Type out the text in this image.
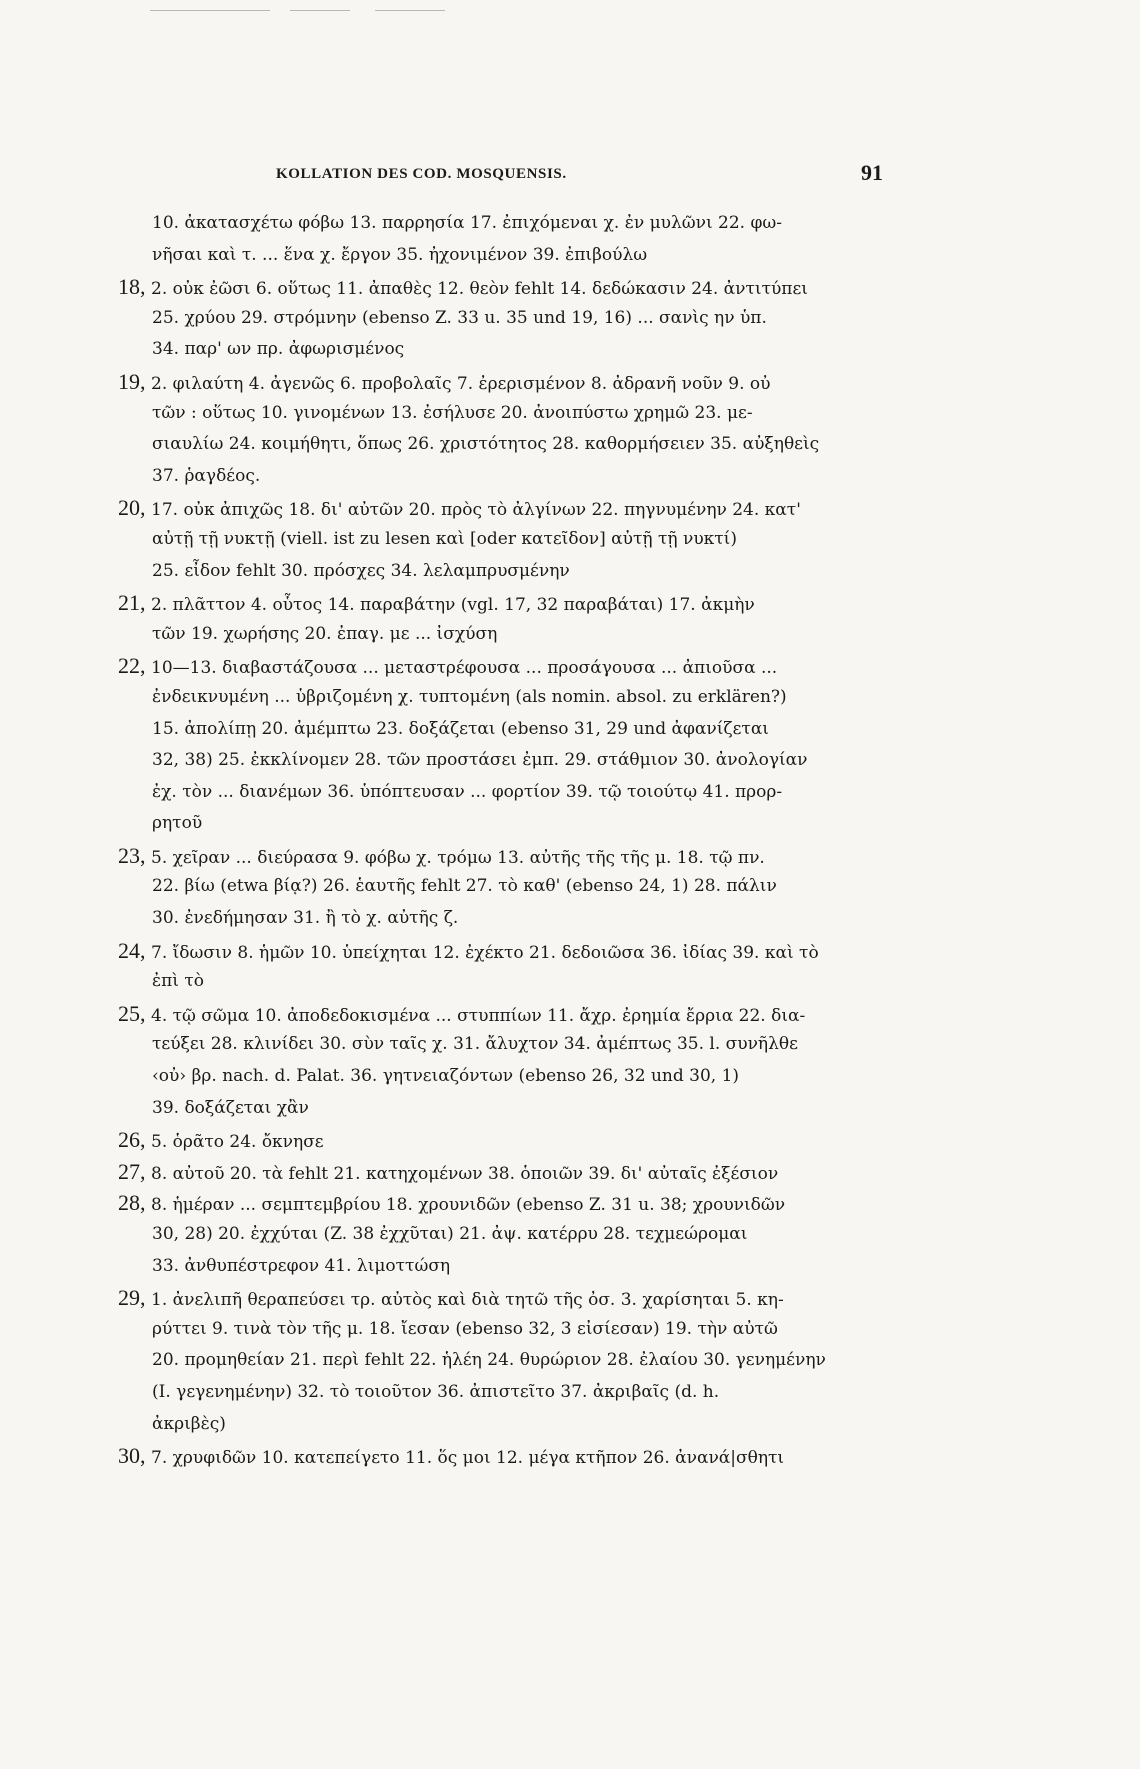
KOLLATION DES COD. MOSQUENSIS.	91
10. ἀκατασχέτω φόβω 13. παρρησία 17. ἐπιχόμεναι χ. ἐν μυλῶνι 22. φω-
νῆσαι καὶ τ. ... ἕνα χ. ἔργον 35. ἠχονιμένον 39. ἐπιβούλω
18, 2. οὐκ ἐῶσι 6. οὕτως 11. ἀπαθὲς 12. θεὸν fehlt 14. δεδώκασιν 24. ἀντιτύπει
25. χρύου 29. στρόμνην (ebenso Z. 33 u. 35 und 19, 16) ... σανὶς ην ὑπ.
34. παρ' ων πρ. ἀφωρισμένος
19, 2. φιλαύτη 4. ἀγενῶς 6. προβολαῖς 7. ἐρερισμένον 8. ἀδρανῆ νοῦν 9. οὐ
τῶν : οὕτως 10. γινομένων 13. ἐσήλυσε 20. ἀνοιπύστω χρημῶ 23. με-
σιαυλίω 24. κοιμήθητι, ὅπως 26. χριστότητος 28. καθορμήσειεν 35. αὐξηθεὶς
37. ῥαγδέος.
20, 17. οὐκ ἀπιχῶς 18. δι' αὐτῶν 20. πρὸς τὸ ἀλγίνων 22. πηγνυμένην 24. κατ'
αὐτῇ τῇ νυκτῇ (viell. ist zu lesen καὶ [oder κατεῖδον] αὐτῇ τῇ νυκτί)
25. εἶδον fehlt 30. πρόσχες 34. λελαμπρυσμένην
21, 2. πλᾶττον 4. οὗτος 14. παραβάτην (vgl. 17, 32 παραβάται) 17. ἀκμὴν
τῶν 19. χωρήσης 20. ἐπαγ. με ... ἰσχύση
22, 10—13. διαβαστάζουσα ... μεταστρέφουσα ... προσάγουσα ... ἀπιοῦσα ...
ἐνδεικνυμένη ... ὑβριζομένη χ. τυπτομένη (als nomin. absol. zu erklären?)
15. ἀπολίπῃ 20. ἀμέμπτω 23. δοξάζεται (ebenso 31, 29 und ἀφανίζεται
32, 38) 25. ἐκκλίνομεν 28. τῶν προστάσει ἐμπ. 29. στάθμιον 30. ἀνολογίαν
ἐχ. τὸν ... διανέμων 36. ὑπόπτευσαν ... φορτίον 39. τῷ τοιούτῳ 41. προρ-
ρητοῦ
23, 5. χεῖραν ... διεύρασα 9. φόβω χ. τρόμω 13. αὐτῆς τῆς τῆς μ. 18. τῷ πν.
22. βίω (etwa βίᾳ?) 26. ἑαυτῆς fehlt 27. τὸ καθ' (ebenso 24, 1) 28. πάλιν
30. ἐνεδήμησαν 31. ἢ τὸ χ. αὐτῆς ζ.
24, 7. ἴδωσιν 8. ἡμῶν 10. ὑπείχηται 12. ἐχέκτο 21. δεδοιῶσα 36. ἰδίας 39. καὶ τὸ
ἐπὶ τὸ
25, 4. τῷ σῶμα 10. ἀποδεδοκισμένα ... στυππίων 11. ἄχρ. ἐρημία ἔρρια 22. δια-
τεύξει 28. κλινίδει 30. σὺν ταῖς χ. 31. ἄλυχτον 34. ἀμέπτως 35. l. συνῆλθε
‹οὐ› βρ. nach. d. Palat. 36. γητνειαζόντων (ebenso 26, 32 und 30, 1)
39. δοξάζεται χἂν
26, 5. ὁρᾶτο 24. ὄκνησε
27, 8. αὐτοῦ 20. τὰ fehlt 21. κατηχομένων 38. ὁποιῶν 39. δι' αὐταῖς ἐξέσιον
28, 8. ἡμέραν ... σεμπτεμβρίου 18. χρουνιδῶν (ebenso Z. 31 u. 38; χρουνιδῶν
30, 28) 20. ἐχχύται (Z. 38 ἐχχῦται) 21. ἀψ. κατέρρυ 28. τεχμεώρομαι
33. ἀνθυπέστρεφον 41. λιμοττώση
29, 1. ἀνελιπῆ θεραπεύσει τρ. αὐτὸς καὶ διὰ τητῶ τῆς ὀσ. 3. χαρίσηται 5. κη-
ρύττει 9. τινὰ τὸν τῆς μ. 18. ἴεσαν (ebenso 32, 3 εἰσίεσαν) 19. τὴν αὐτῶ
20. προμηθείαν 21. περὶ fehlt 22. ἡλέη 24. θυρώριον 28. ἐλαίου 30. γενημένην
(I. γεγενημένην) 32. τὸ τοιοῦτον 36. ἀπιστεῖτο 37. ἀκριβαῖς (d. h.
ἀκριβὲς)
30, 7. χρυφιδῶν 10. κατεπείγετο 11. ὅς μοι 12. μέγα κτῆπον 26. ἀνανά|σθητι
